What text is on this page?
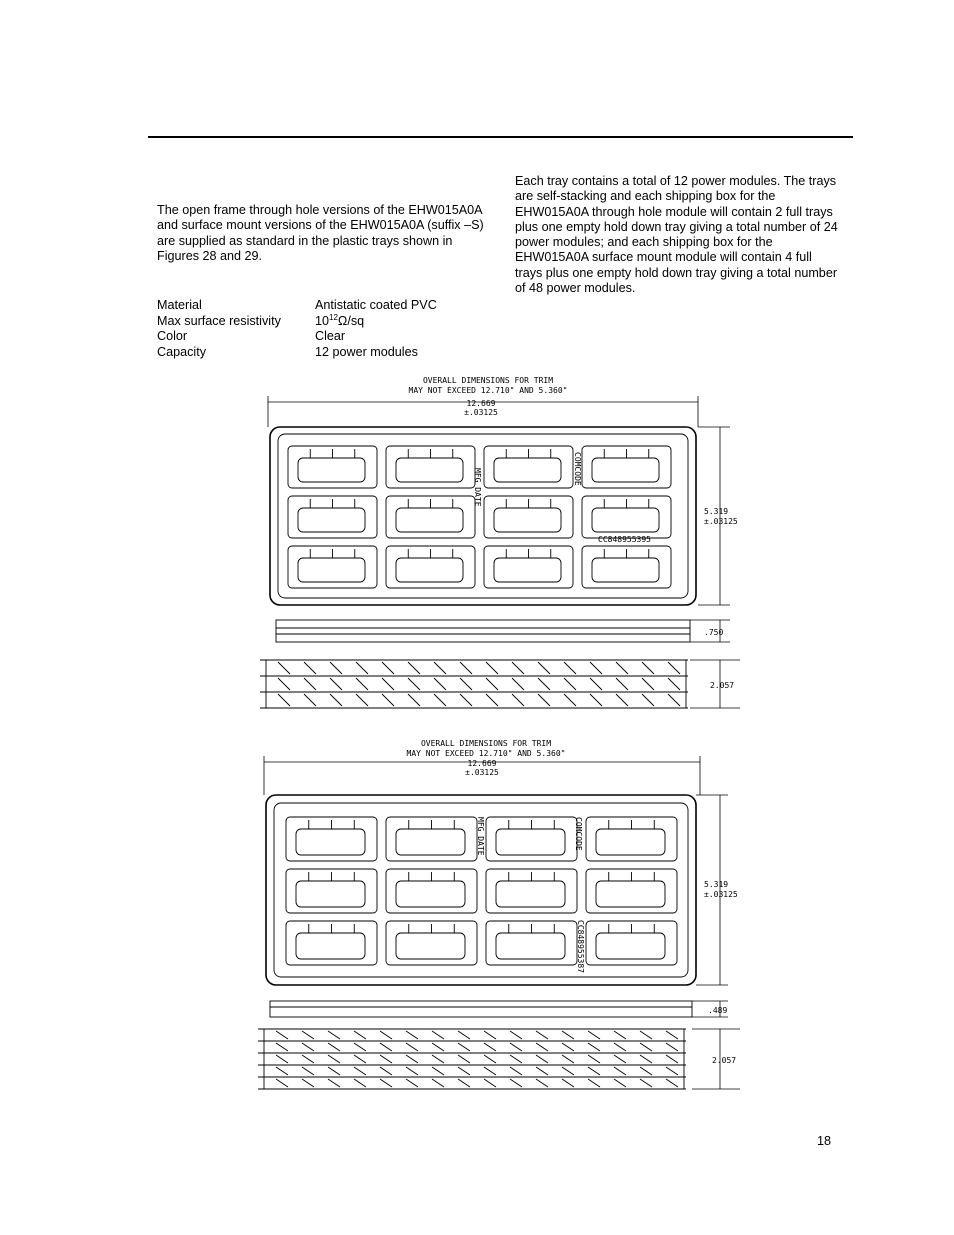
The open frame through hole versions of the EHW015A0A and surface mount versions of the EHW015A0A (suffix –S) are supplied as standard in the plastic trays shown in Figures 28 and 29.

Each tray contains a total of 12 power modules. The trays are self-stacking and each shipping box for the EHW015A0A through hole module will contain 2 full trays plus one empty hold down tray giving a total number of 24 power modules; and each shipping box for the EHW015A0A surface mount module will contain 4 full trays plus one empty hold down tray giving a total number of 48 power modules.

Material	Antistatic coated PVC
Max surface resistivity	$10^{12}\Omega/sq$
Color	Clear
Capacity	12 power modules
OVERALL DIMENSIONS FOR TRIM
MAY NOT EXCEED 12.710" AND 5.360"
12.669
±.03125
MFG DATE	COMCODE
CC848955395
5.319
±.03125
.750
2.057
OVERALL DIMENSIONS FOR TRIM
MAY NOT EXCEED 12.710" AND 5.360"
12.669
±.03125
MFG DATE	COMCODE
CC848955387
5.319
±.03125
.489
2.057
18
